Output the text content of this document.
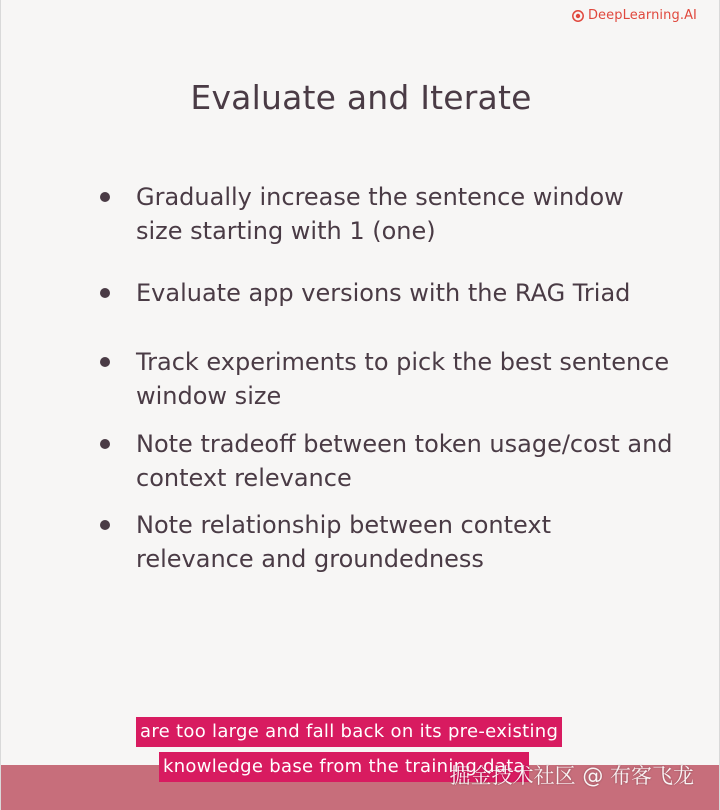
DeepLearning.AI
Evaluate and Iterate
Gradually increase the sentence window size starting with 1 (one)
Evaluate app versions with the RAG Triad
Track experiments to pick the best sentence window size
Note tradeoff between token usage/cost and context relevance
Note relationship between context relevance and groundedness
are too large and fall back on its pre-existing
knowledge base from the training data
掘金技术社区 @ 布客飞龙
